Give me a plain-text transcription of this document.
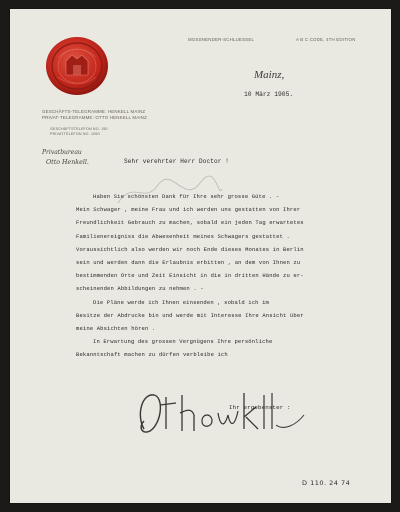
MOSSNENDER-SCHLUESSEL	A B C CODE, 4TH EDITION
GESCHÄFTS-TELEGRAMME: HENKELL MAINZ
PRIVAT-TELEGRAMME: OTTO HENKELL MAINZ
GESCHÄFTSTELEFON NO. 150
PRIVATTELEFON NO. 1050
Mainz,
10 März 1905.
Privatbureau
Otto Henkell.	Sehr verehrter Herr Doctor !
Haben Sie schönsten Dank für Ihre sehr grosse Güte . -
Mein Schwager , meine Frau und ich werden uns gestatten von Ihrer
Freundlichkeit Gebrauch zu machen, sobald ein jeden Tag erwartetes
Familienereigniss die Abwesenheit meines Schwagers gestattet .
Voraussichtlich also werden wir noch Ende dieses Monates in Berlin
sein und werden dann die Erlaubnis erbitten , an dem von Ihnen zu
bestimmenden Orte und Zeit Einsicht in die in dritten Hände zu er-
scheinenden Abbildungen zu nehmen . -
Die Pläne werde ich Ihnen einsenden , sobald ich im
Besitze der Abdrucke bin und werde mit Interesse Ihre Ansicht über
meine Absichten hören .
In Erwartung des grossen Vergnügens Ihre persönliche
Bekanntschaft machen zu dürfen verbleibe ich
Ihr ergebenster :
D 110. 24 74
